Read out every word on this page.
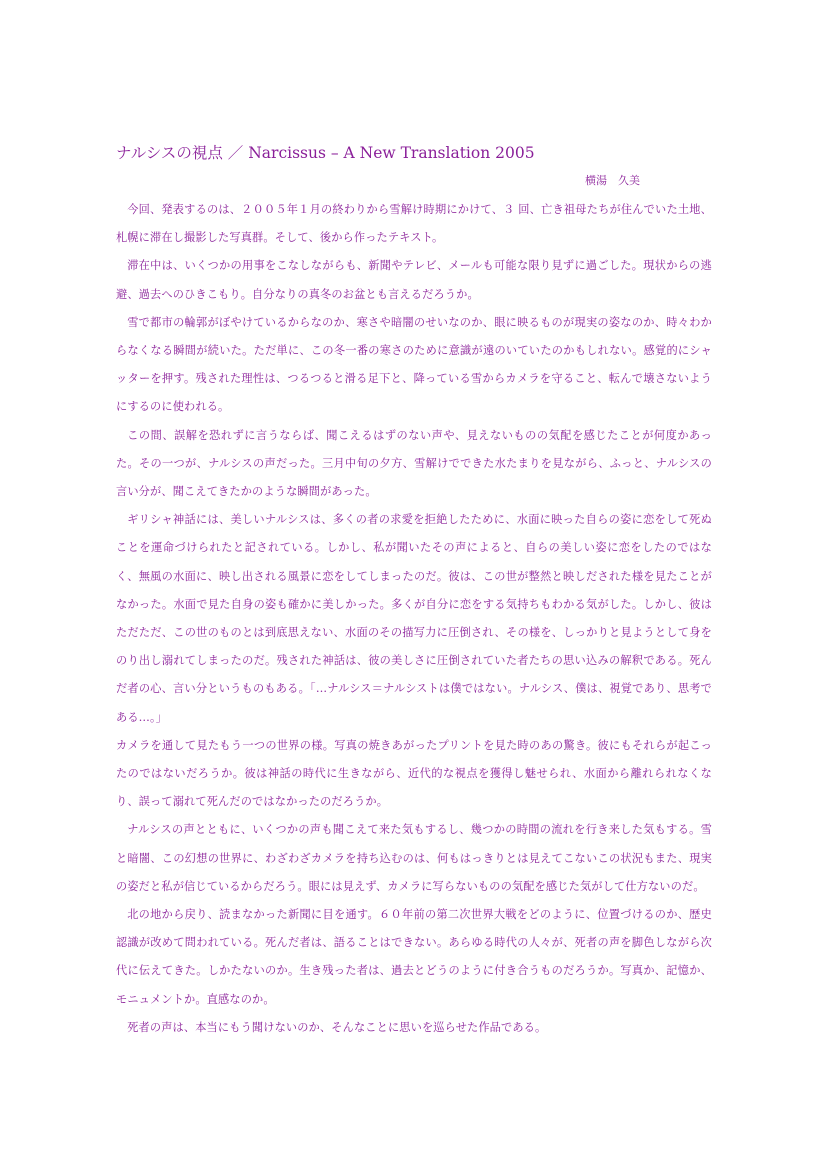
ナルシスの視点 ／ Narcissus – A New Translation 2005
横湯　久美

今回、発表するのは、２００５年１月の終わりから雪解け時期にかけて、３ 回、亡き祖母たちが住んでいた土地、札幌に滞在し撮影した写真群。そして、後から作ったテキスト。

滞在中は、いくつかの用事をこなしながらも、新聞やテレビ、メールも可能な限り見ずに過ごした。現状からの逃避、過去へのひきこもり。自分なりの真冬のお盆とも言えるだろうか。

雪で都市の輪郭がぼやけているからなのか、寒さや暗闇のせいなのか、眼に映るものが現実の姿なのか、時々わからなくなる瞬間が続いた。ただ単に、この冬一番の寒さのために意識が遠のいていたのかもしれない。感覚的にシャッターを押す。残された理性は、つるつると滑る足下と、降っている雪からカメラを守ること、転んで壊さないようにするのに使われる。

この間、誤解を恐れずに言うならば、聞こえるはずのない声や、見えないものの気配を感じたことが何度かあった。その一つが、ナルシスの声だった。三月中旬の夕方、雪解けでできた水たまりを見ながら、ふっと、ナルシスの言い分が、聞こえてきたかのような瞬間があった。

ギリシャ神話には、美しいナルシスは、多くの者の求愛を拒絶したために、水面に映った自らの姿に恋をして死ぬことを運命づけられたと記されている。しかし、私が聞いたその声によると、自らの美しい姿に恋をしたのではなく、無風の水面に、映し出される風景に恋をしてしまったのだ。彼は、この世が整然と映しだされた様を見たことがなかった。水面で見た自身の姿も確かに美しかった。多くが自分に恋をする気持ちもわかる気がした。しかし、彼はただただ、この世のものとは到底思えない、水面のその描写力に圧倒され、その様を、しっかりと見ようとして身をのり出し溺れてしまったのだ。残された神話は、彼の美しさに圧倒されていた者たちの思い込みの解釈である。死んだ者の心、言い分というものもある。「…ナルシス＝ナルシストは僕ではない。ナルシス、僕は、視覚であり、思考である…。」

カメラを通して見たもう一つの世界の様。写真の焼きあがったプリントを見た時のあの驚き。彼にもそれらが起こったのではないだろうか。彼は神話の時代に生きながら、近代的な視点を獲得し魅せられ、水面から離れられなくなり、誤って溺れて死んだのではなかったのだろうか。

ナルシスの声とともに、いくつかの声も聞こえて来た気もするし、幾つかの時間の流れを行き来した気もする。雪と暗闇、この幻想の世界に、わざわざカメラを持ち込むのは、何もはっきりとは見えてこないこの状況もまた、現実の姿だと私が信じているからだろう。眼には見えず、カメラに写らないものの気配を感じた気がして仕方ないのだ。

北の地から戻り、読まなかった新聞に目を通す。６０年前の第二次世界大戦をどのように、位置づけるのか、歴史認識が改めて問われている。死んだ者は、語ることはできない。あらゆる時代の人々が、死者の声を脚色しながら次代に伝えてきた。しかたないのか。生き残った者は、過去とどうのように付き合うものだろうか。写真か、記憶か、モニュメントか。直感なのか。

死者の声は、本当にもう聞けないのか、そんなことに思いを巡らせた作品である。
